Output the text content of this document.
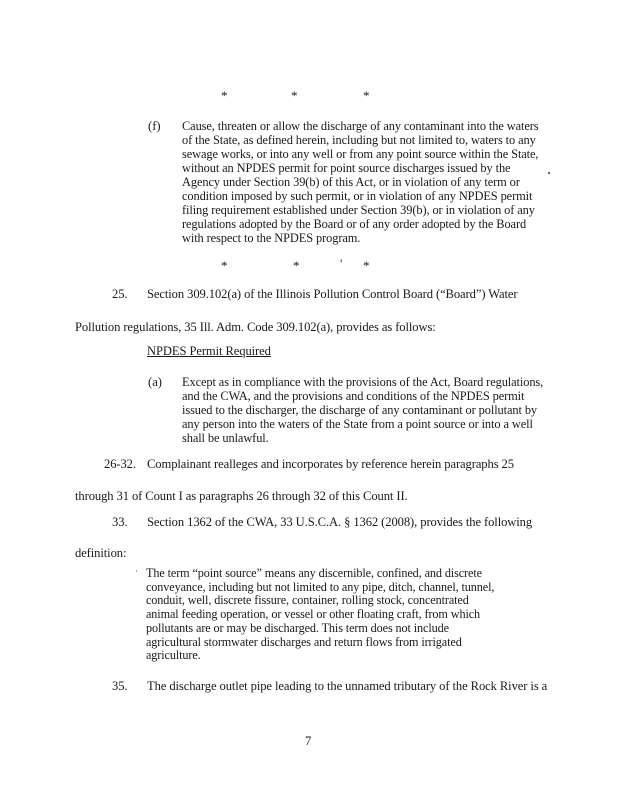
*	*	*
(f) Cause, threaten or allow the discharge of any contaminant into the waters
of the State, as defined herein, including but not limited to, waters to any
sewage works, or into any well or from any point source within the State,
without an NPDES permit for point source discharges issued by the
Agency under Section 39(b) of this Act, or in violation of any term or
condition imposed by such permit, or in violation of any NPDES permit
filing requirement established under Section 39(b), or in violation of any
regulations adopted by the Board or of any order adopted by the Board
with respect to the NPDES program.
*	*	' *
25. Section 309.102(a) of the Illinois Pollution Control Board (“Board”) Water
Pollution regulations, 35 Ill. Adm. Code 309.102(a), provides as follows:
NPDES Permit Required
(a) Except as in compliance with the provisions of the Act, Board regulations,
and the CWA, and the provisions and conditions of the NPDES permit
issued to the discharger, the discharge of any contaminant or pollutant by
any person into the waters of the State from a point source or into a well
shall be unlawful.
26-32. Complainant realleges and incorporates by reference herein paragraphs 25
through 31 of Count I as paragraphs 26 through 32 of this Count II.
33. Section 1362 of the CWA, 33 U.S.C.A. § 1362 (2008), provides the following
definition:
· The term “point source” means any discernible, confined, and discrete
conveyance, including but not limited to any pipe, ditch, channel, tunnel,
conduit, well, discrete fissure, container, rolling stock, concentrated
animal feeding operation, or vessel or other floating craft, from which
pollutants are or may be discharged. This term does not include
agricultural stormwater discharges and return flows from irrigated
agriculture.
35. The discharge outlet pipe leading to the unnamed tributary of the Rock River is a
7
